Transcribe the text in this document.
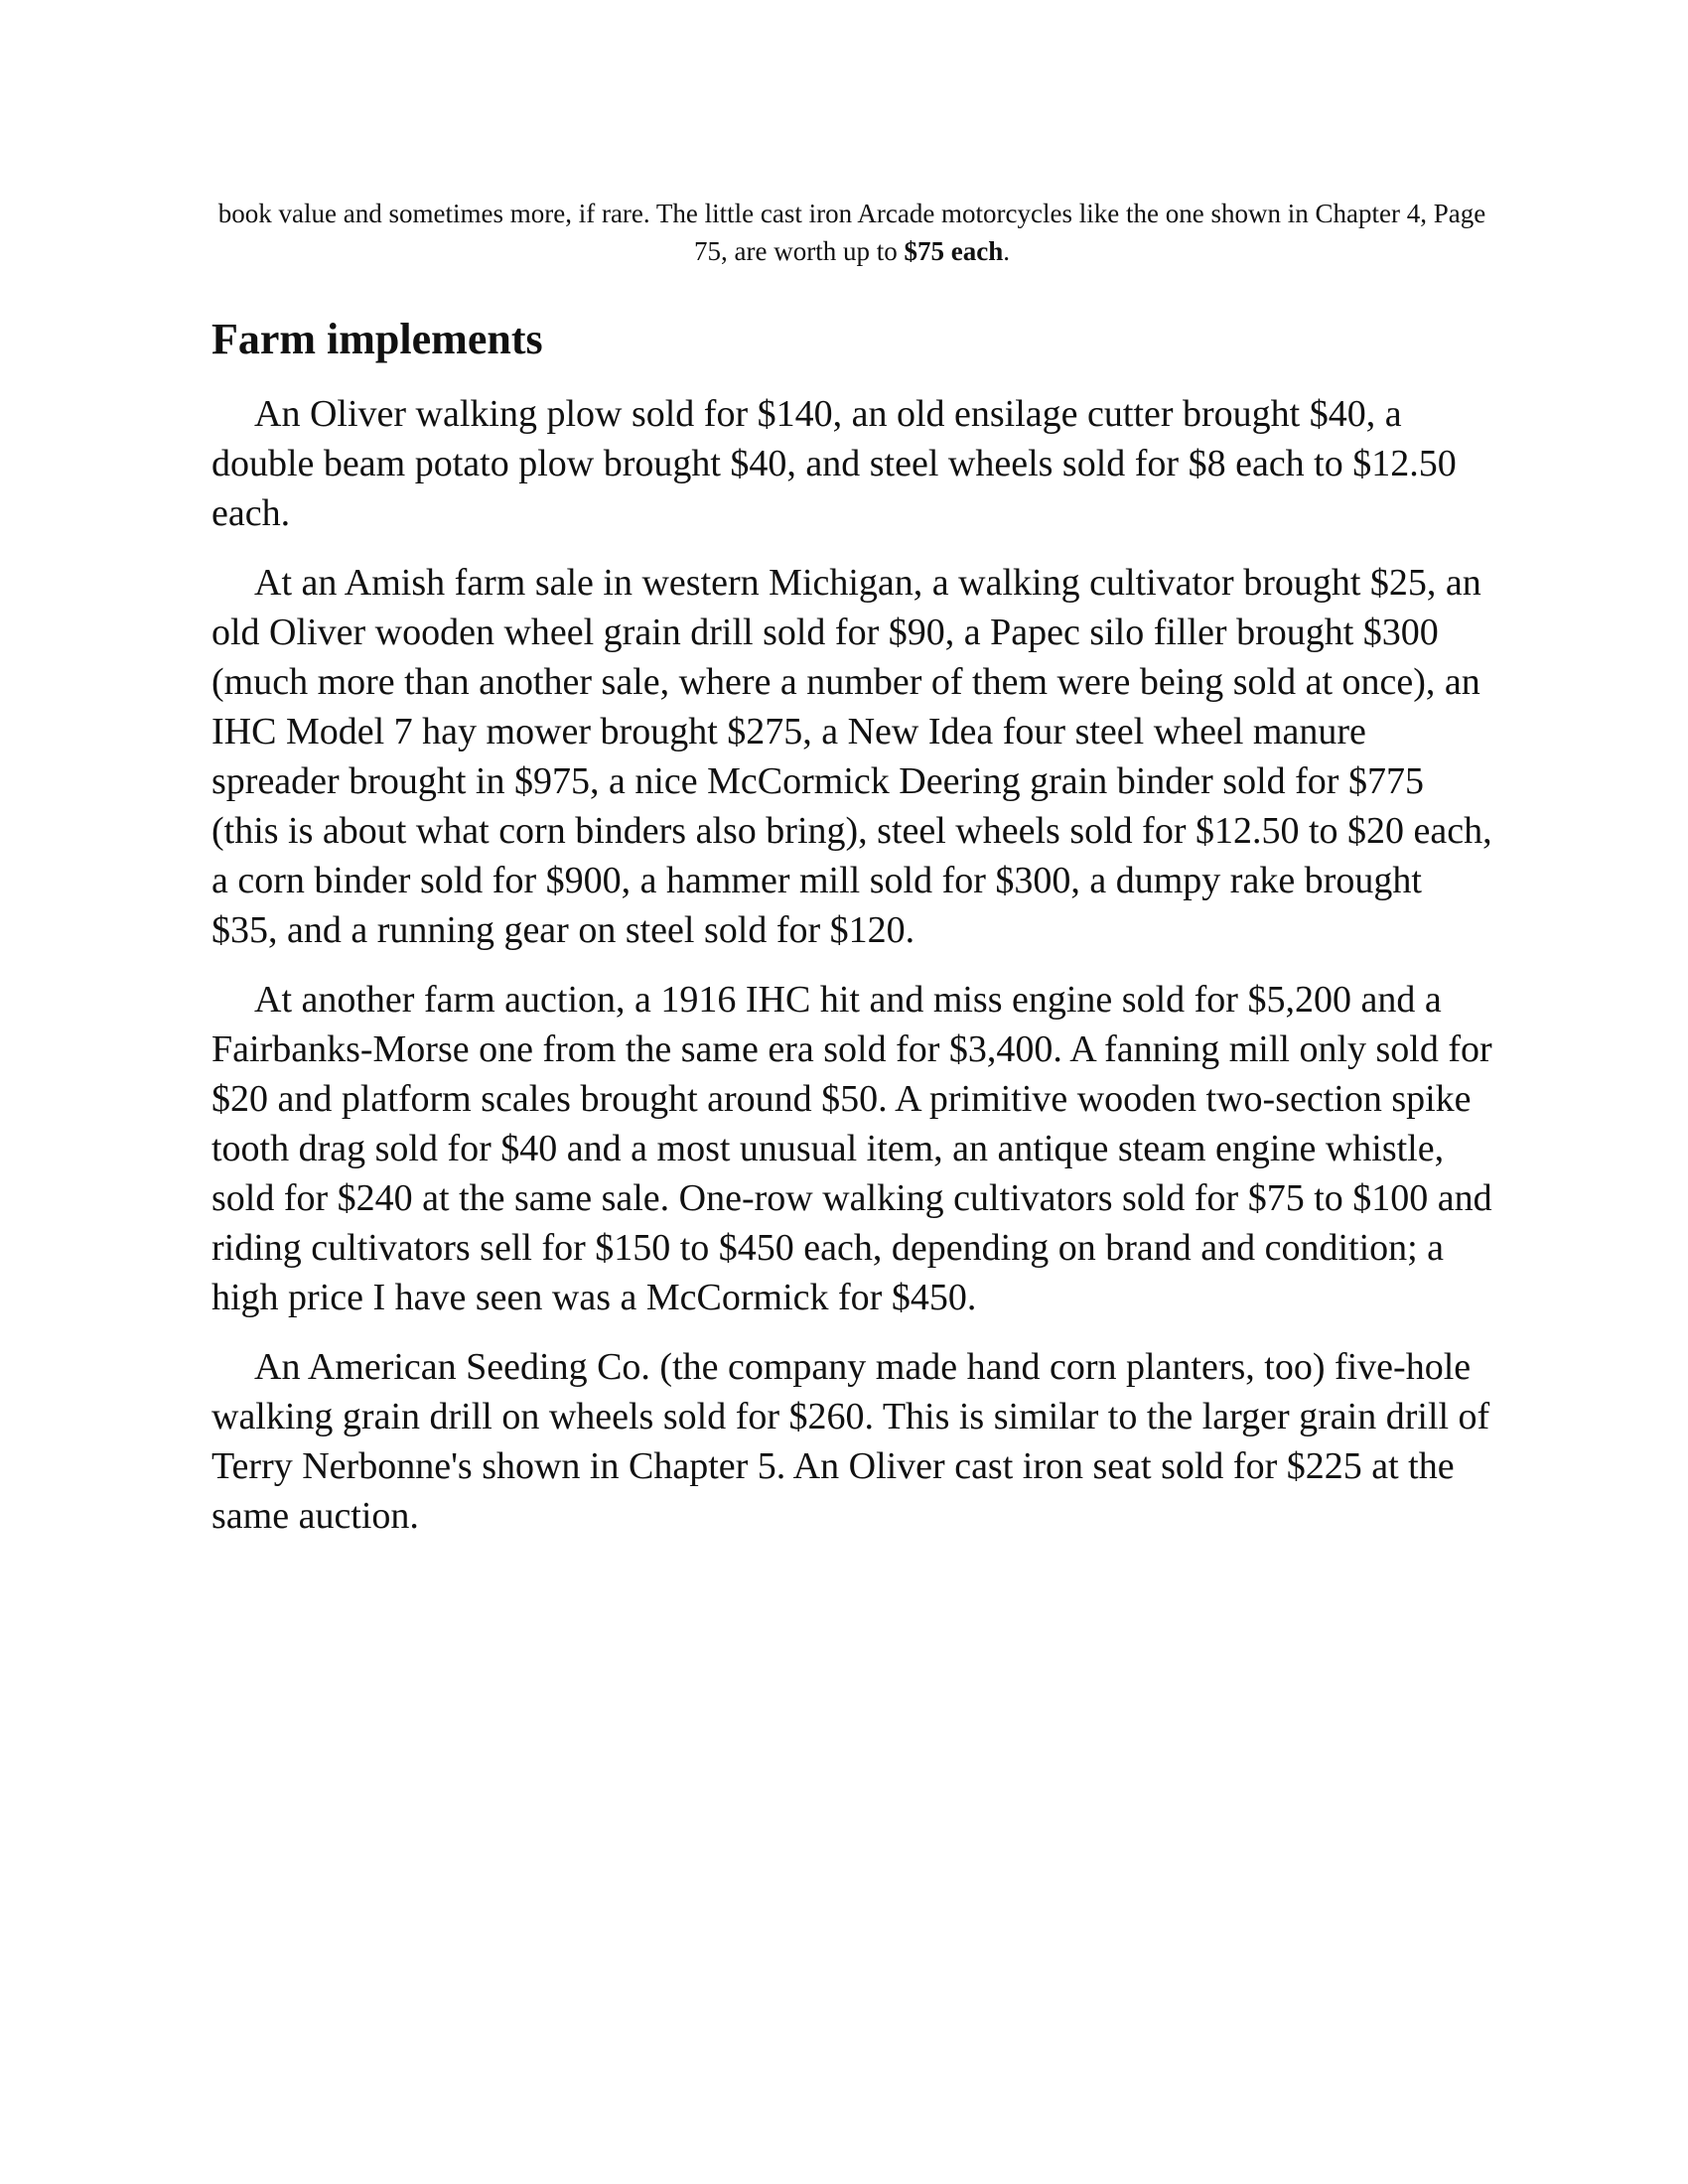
book value and sometimes more, if rare. The little cast iron Arcade motorcycles like the one shown in Chapter 4, Page 75, are worth up to $75 each.

Farm implements

An Oliver walking plow sold for $140, an old ensilage cutter brought $40, a double beam potato plow brought $40, and steel wheels sold for $8 each to $12.50 each.

At an Amish farm sale in western Michigan, a walking cultivator brought $25, an old Oliver wooden wheel grain drill sold for $90, a Papec silo filler brought $300 (much more than another sale, where a number of them were being sold at once), an IHC Model 7 hay mower brought $275, a New Idea four steel wheel manure spreader brought in $975, a nice McCormick Deering grain binder sold for $775 (this is about what corn binders also bring), steel wheels sold for $12.50 to $20 each, a corn binder sold for $900, a hammer mill sold for $300, a dumpy rake brought $35, and a running gear on steel sold for $120.

At another farm auction, a 1916 IHC hit and miss engine sold for $5,200 and a Fairbanks-Morse one from the same era sold for $3,400. A fanning mill only sold for $20 and platform scales brought around $50. A primitive wooden two-section spike tooth drag sold for $40 and a most unusual item, an antique steam engine whistle, sold for $240 at the same sale. One-row walking cultivators sold for $75 to $100 and riding cultivators sell for $150 to $450 each, depending on brand and condition; a high price I have seen was a McCormick for $450.

An American Seeding Co. (the company made hand corn planters, too) five-hole walking grain drill on wheels sold for $260. This is similar to the larger grain drill of Terry Nerbonne's shown in Chapter 5. An Oliver cast iron seat sold for $225 at the same auction.
